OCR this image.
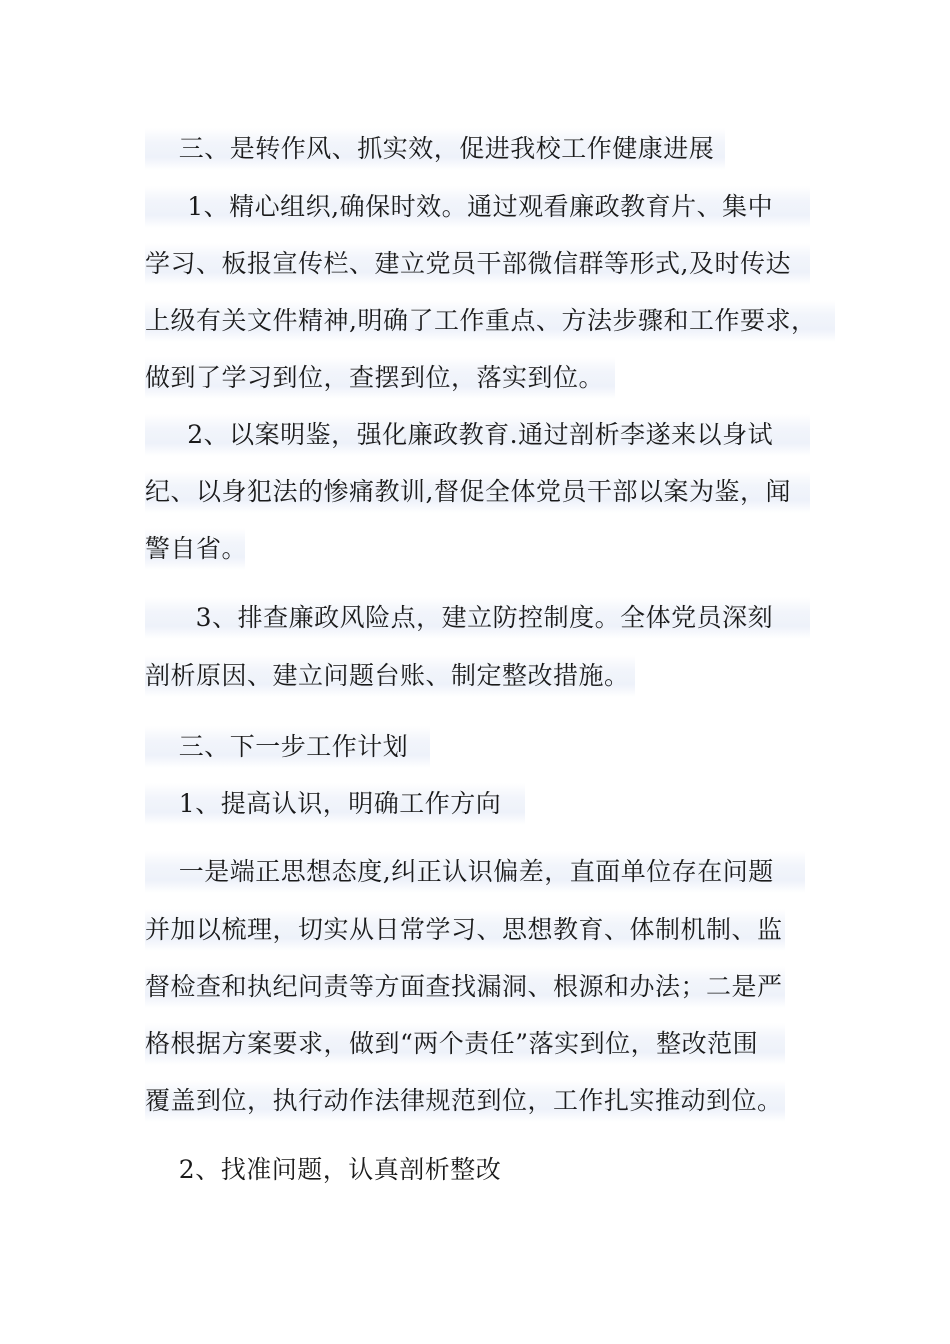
三、是转作风、抓实效，促进我校工作健康进展
1、精心组织,确保时效。通过观看廉政教育片、集中
学习、板报宣传栏、建立党员干部微信群等形式,及时传达
上级有关文件精神,明确了工作重点、方法步骤和工作要求，
做到了学习到位，查摆到位，落实到位。
2、以案明鉴，强化廉政教育.通过剖析李遂来以身试
纪、以身犯法的惨痛教训,督促全体党员干部以案为鉴，闻
警自省。
3、排查廉政风险点，建立防控制度。全体党员深刻
剖析原因、建立问题台账、制定整改措施。
三、下一步工作计划
1、提高认识，明确工作方向
一是端正思想态度,纠正认识偏差，直面单位存在问题
并加以梳理，切实从日常学习、思想教育、体制机制、监
督检查和执纪问责等方面查找漏洞、根源和办法；二是严
格根据方案要求，做到“两个责任”落实到位，整改范围
覆盖到位，执行动作法律规范到位，工作扎实推动到位。
2、找准问题，认真剖析整改
